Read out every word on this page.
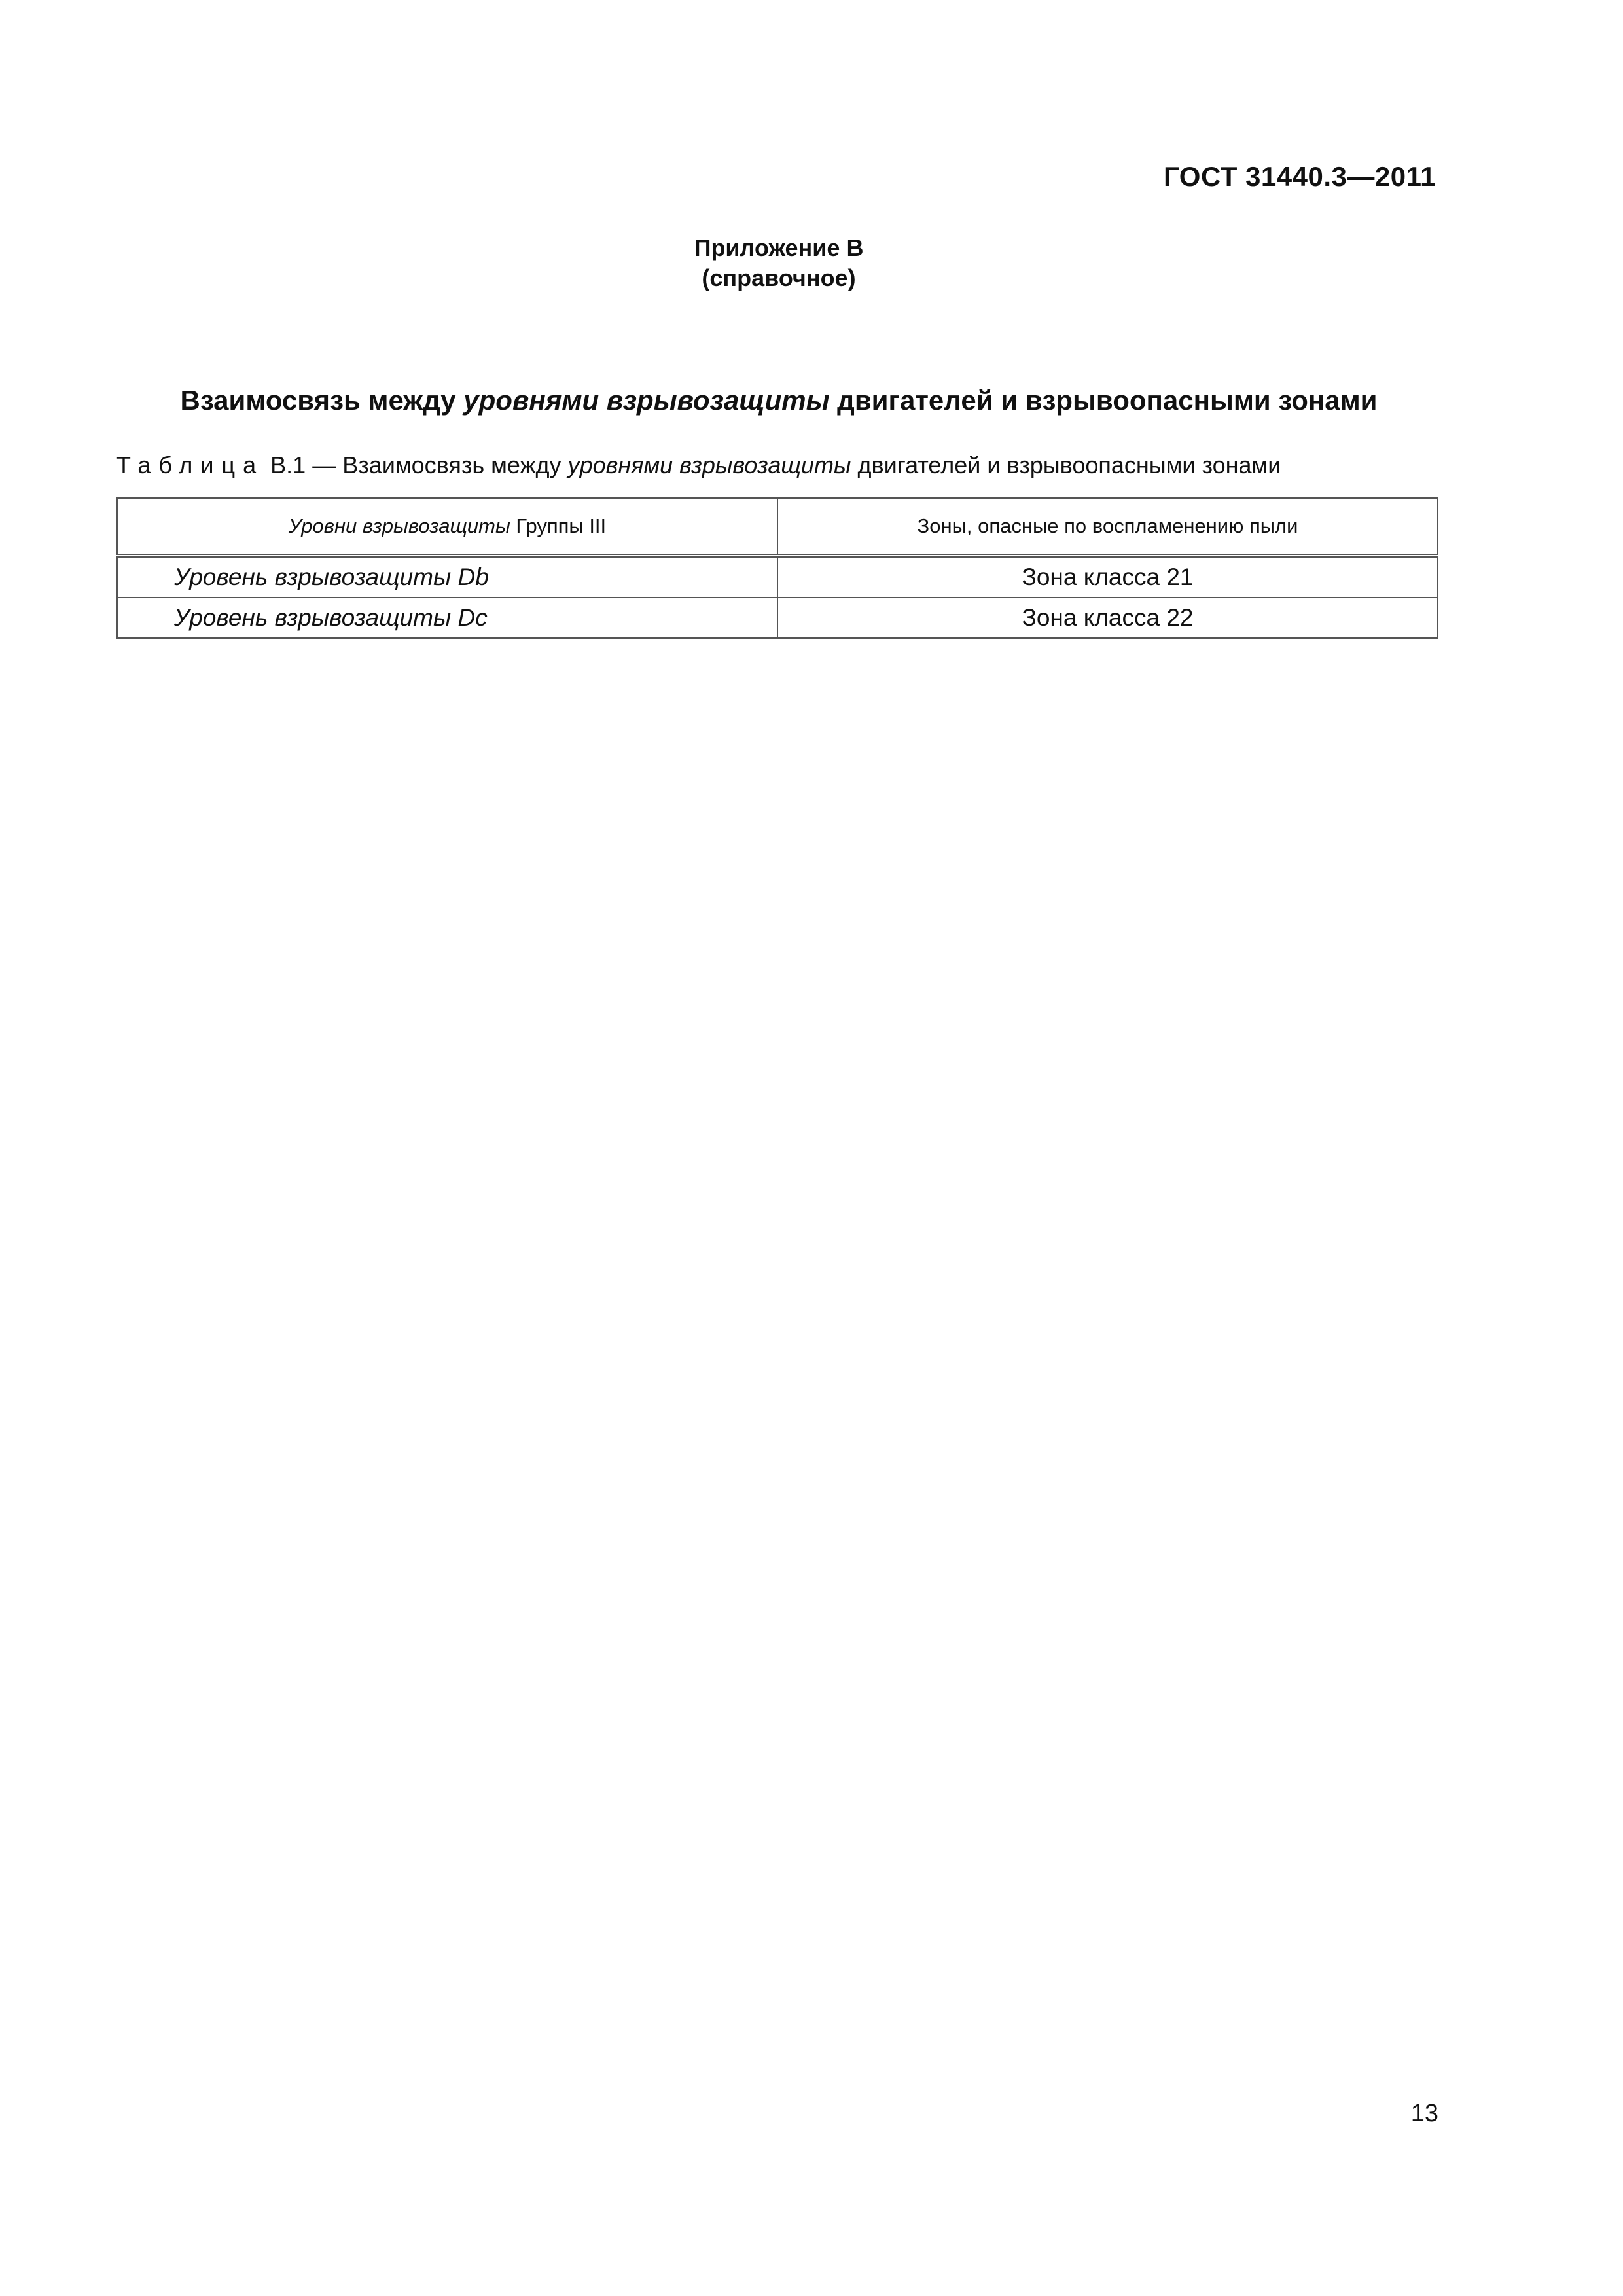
ГОСТ 31440.3—2011
Приложение В
(справочное)
Взаимосвязь между уровнями взрывозащиты двигателей и взрывоопасными зонами
Таблица В.1 — Взаимосвязь между уровнями взрывозащиты двигателей и взрывоопасными зонами
Уровни взрывозащиты Группы III	Зоны, опасные по воспламенению пыли
Уровень взрывозащиты Db	Зона класса 21
Уровень взрывозащиты Dc	Зона класса 22
13
